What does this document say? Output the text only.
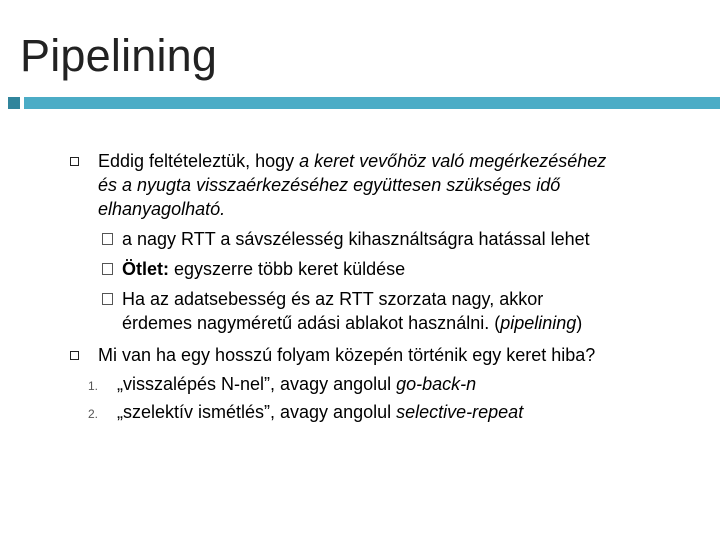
Pipelining
Eddig feltételeztük, hogy a keret vevőhöz való megérkezéséhez
és a nyugta visszaérkezéséhez együttesen szükséges idő
elhanyagolható.
a nagy RTT a sávszélesség kihasználtságra hatással lehet
Ötlet: egyszerre több keret küldése
Ha az adatsebesség és az RTT szorzata nagy, akkor
érdemes nagyméretű adási ablakot használni. (pipelining)
Mi van ha egy hosszú folyam közepén történik egy keret hiba?
1. „visszalépés N-nel”, avagy angolul go-back-n
2. „szelektív ismétlés”, avagy angolul selective-repeat
